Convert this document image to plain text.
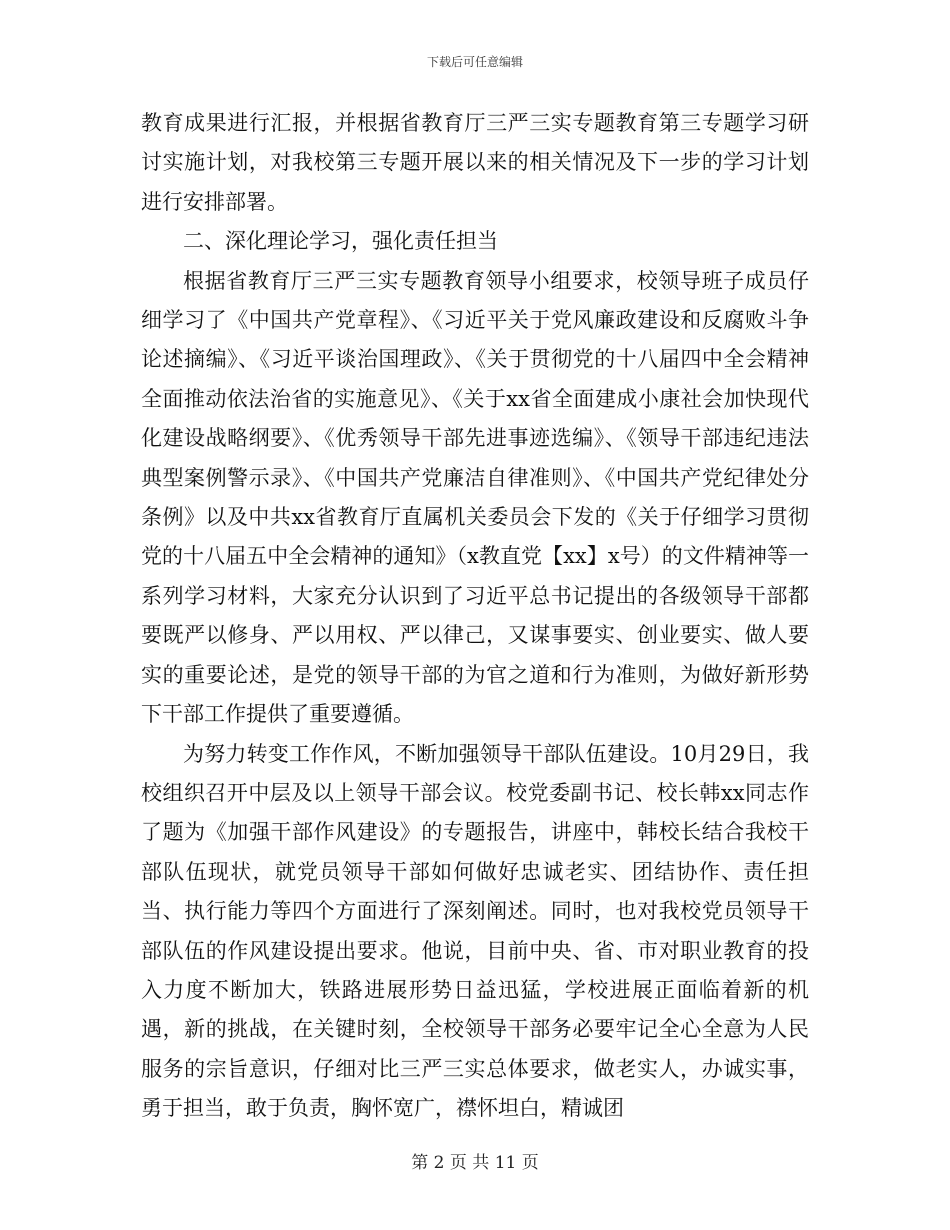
下载后可任意编辑

教育成果进行汇报，并根据省教育厅三严三实专题教育第三专题学习研讨实施计划，对我校第三专题开展以来的相关情况及下一步的学习计划进行安排部署。

二、深化理论学习，强化责任担当

根据省教育厅三严三实专题教育领导小组要求，校领导班子成员仔细学习了《中国共产党章程》、《习近平关于党风廉政建设和反腐败斗争论述摘编》、《习近平谈治国理政》、《关于贯彻党的十八届四中全会精神全面推动依法治省的实施意见》、《关于xx省全面建成小康社会加快现代化建设战略纲要》、《优秀领导干部先进事迹选编》、《领导干部违纪违法典型案例警示录》、《中国共产党廉洁自律准则》、《中国共产党纪律处分条例》以及中共xx省教育厅直属机关委员会下发的《关于仔细学习贯彻党的十八届五中全会精神的通知》（x教直党【xx】x号）的文件精神等一系列学习材料，大家充分认识到了习近平总书记提出的各级领导干部都要既严以修身、严以用权、严以律己，又谋事要实、创业要实、做人要实的重要论述，是党的领导干部的为官之道和行为准则，为做好新形势下干部工作提供了重要遵循。

为努力转变工作作风，不断加强领导干部队伍建设。10月29日，我校组织召开中层及以上领导干部会议。校党委副书记、校长韩xx同志作了题为《加强干部作风建设》的专题报告，讲座中，韩校长结合我校干部队伍现状，就党员领导干部如何做好忠诚老实、团结协作、责任担当、执行能力等四个方面进行了深刻阐述。同时，也对我校党员领导干部队伍的作风建设提出要求。他说，目前中央、省、市对职业教育的投入力度不断加大，铁路进展形势日益迅猛，学校进展正面临着新的机遇，新的挑战，在关键时刻，全校领导干部务必要牢记全心全意为人民服务的宗旨意识，仔细对比三严三实总体要求，做老实人，办诚实事，勇于担当，敢于负责，胸怀宽广，襟怀坦白，精诚团

第 2 页 共 11 页
